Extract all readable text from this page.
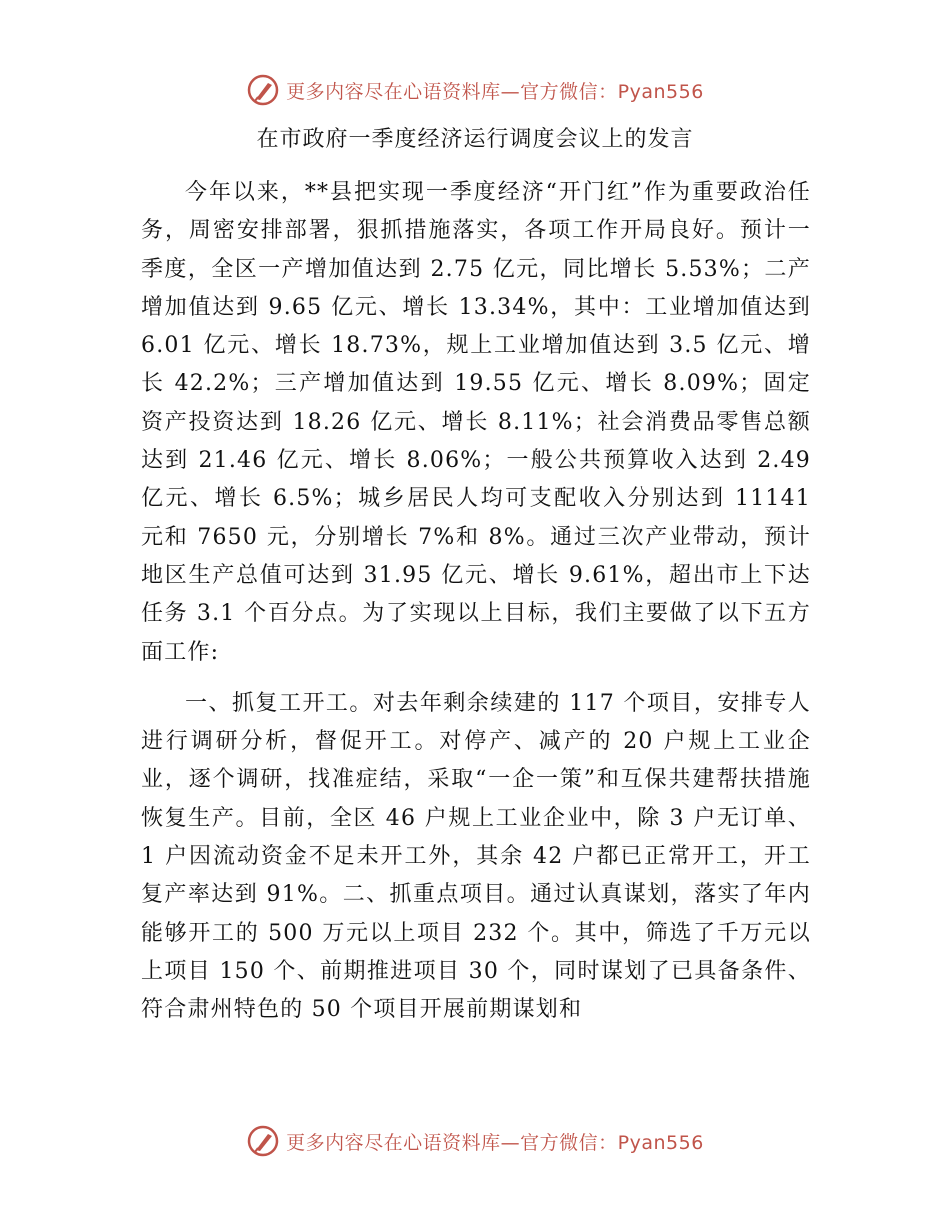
更多内容尽在心语资料库—官方微信：Pyan556
在市政府一季度经济运行调度会议上的发言

今年以来，**县把实现一季度经济“开门红”作为重要政治任务，周密安排部署，狠抓措施落实，各项工作开局良好。预计一季度，全区一产增加值达到 2.75 亿元，同比增长 5.53%；二产增加值达到 9.65 亿元、增长 13.34%，其中：工业增加值达到 6.01 亿元、增长 18.73%，规上工业增加值达到 3.5 亿元、增长 42.2%；三产增加值达到 19.55 亿元、增长 8.09%；固定资产投资达到 18.26 亿元、增长 8.11%；社会消费品零售总额达到 21.46 亿元、增长 8.06%；一般公共预算收入达到 2.49 亿元、增长 6.5%；城乡居民人均可支配收入分别达到 11141 元和 7650 元，分别增长 7%和 8%。通过三次产业带动，预计地区生产总值可达到 31.95 亿元、增长 9.61%，超出市上下达任务 3.1 个百分点。为了实现以上目标，我们主要做了以下五方面工作:

一、抓复工开工。对去年剩余续建的 117 个项目，安排专人进行调研分析，督促开工。对停产、减产的 20 户规上工业企业，逐个调研，找准症结，采取“一企一策”和互保共建帮扶措施恢复生产。目前，全区 46 户规上工业企业中，除 3 户无订单、1 户因流动资金不足未开工外，其余 42 户都已正常开工，开工复产率达到 91%。二、抓重点项目。通过认真谋划，落实了年内能够开工的 500 万元以上项目 232 个。其中，筛选了千万元以上项目 150 个、前期推进项目 30 个，同时谋划了已具备条件、符合肃州特色的 50 个项目开展前期谋划和

更多内容尽在心语资料库—官方微信：Pyan556
